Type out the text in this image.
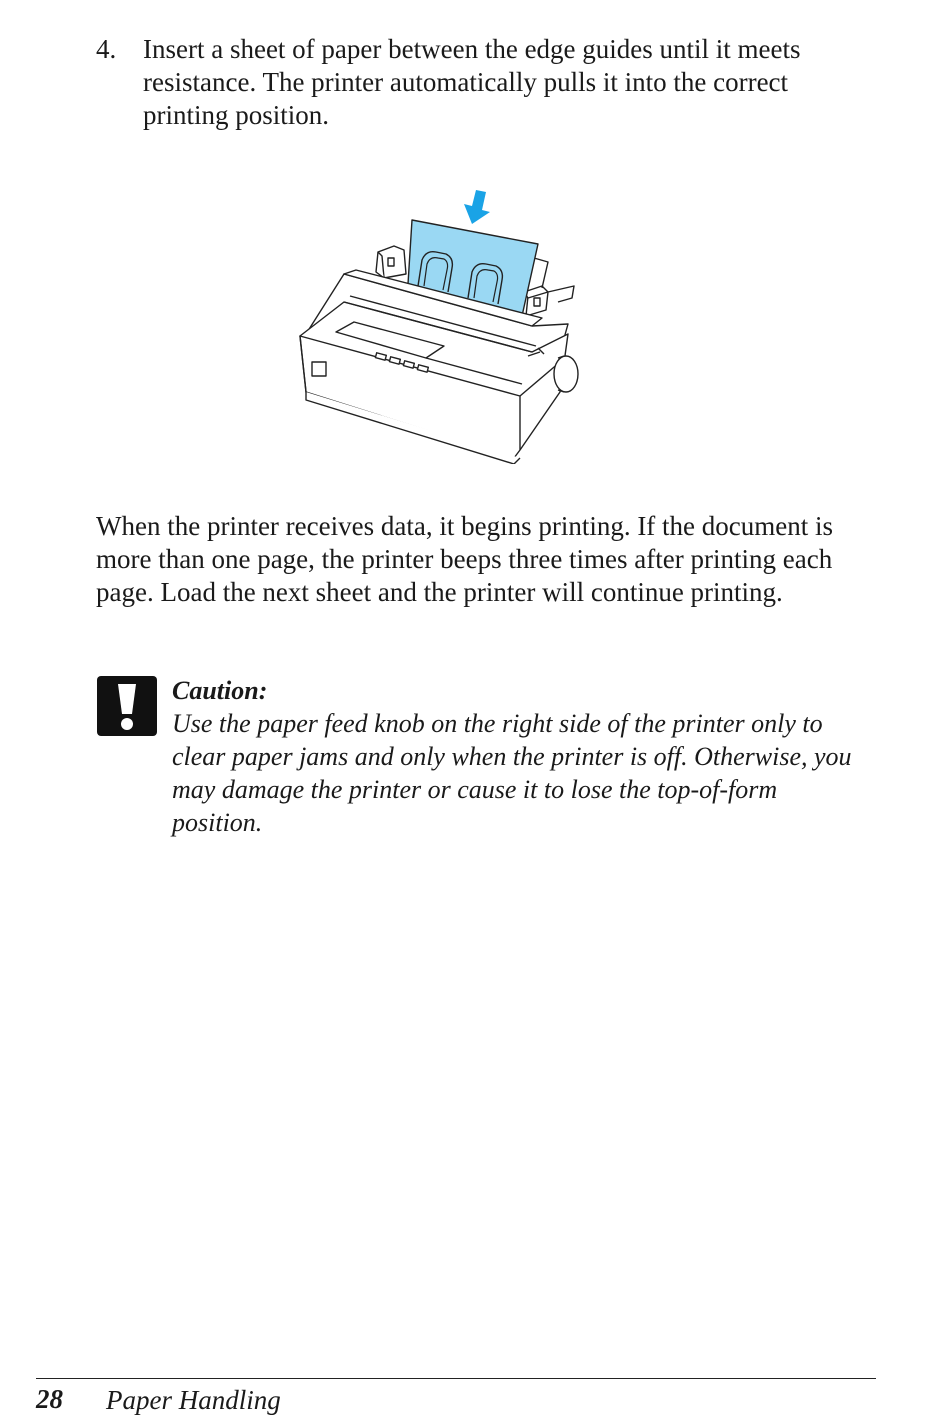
4. Insert a sheet of paper between the edge guides until it meets resistance. The printer automatically pulls it into the correct printing position.
When the printer receives data, it begins printing. If the document is more than one page, the printer beeps three times after printing each page. Load the next sheet and the printer will continue printing.
Caution:
Use the paper feed knob on the right side of the printer only to clear paper jams and only when the printer is off. Otherwise, you may damage the printer or cause it to lose the top-of-form position.
28 Paper Handling
